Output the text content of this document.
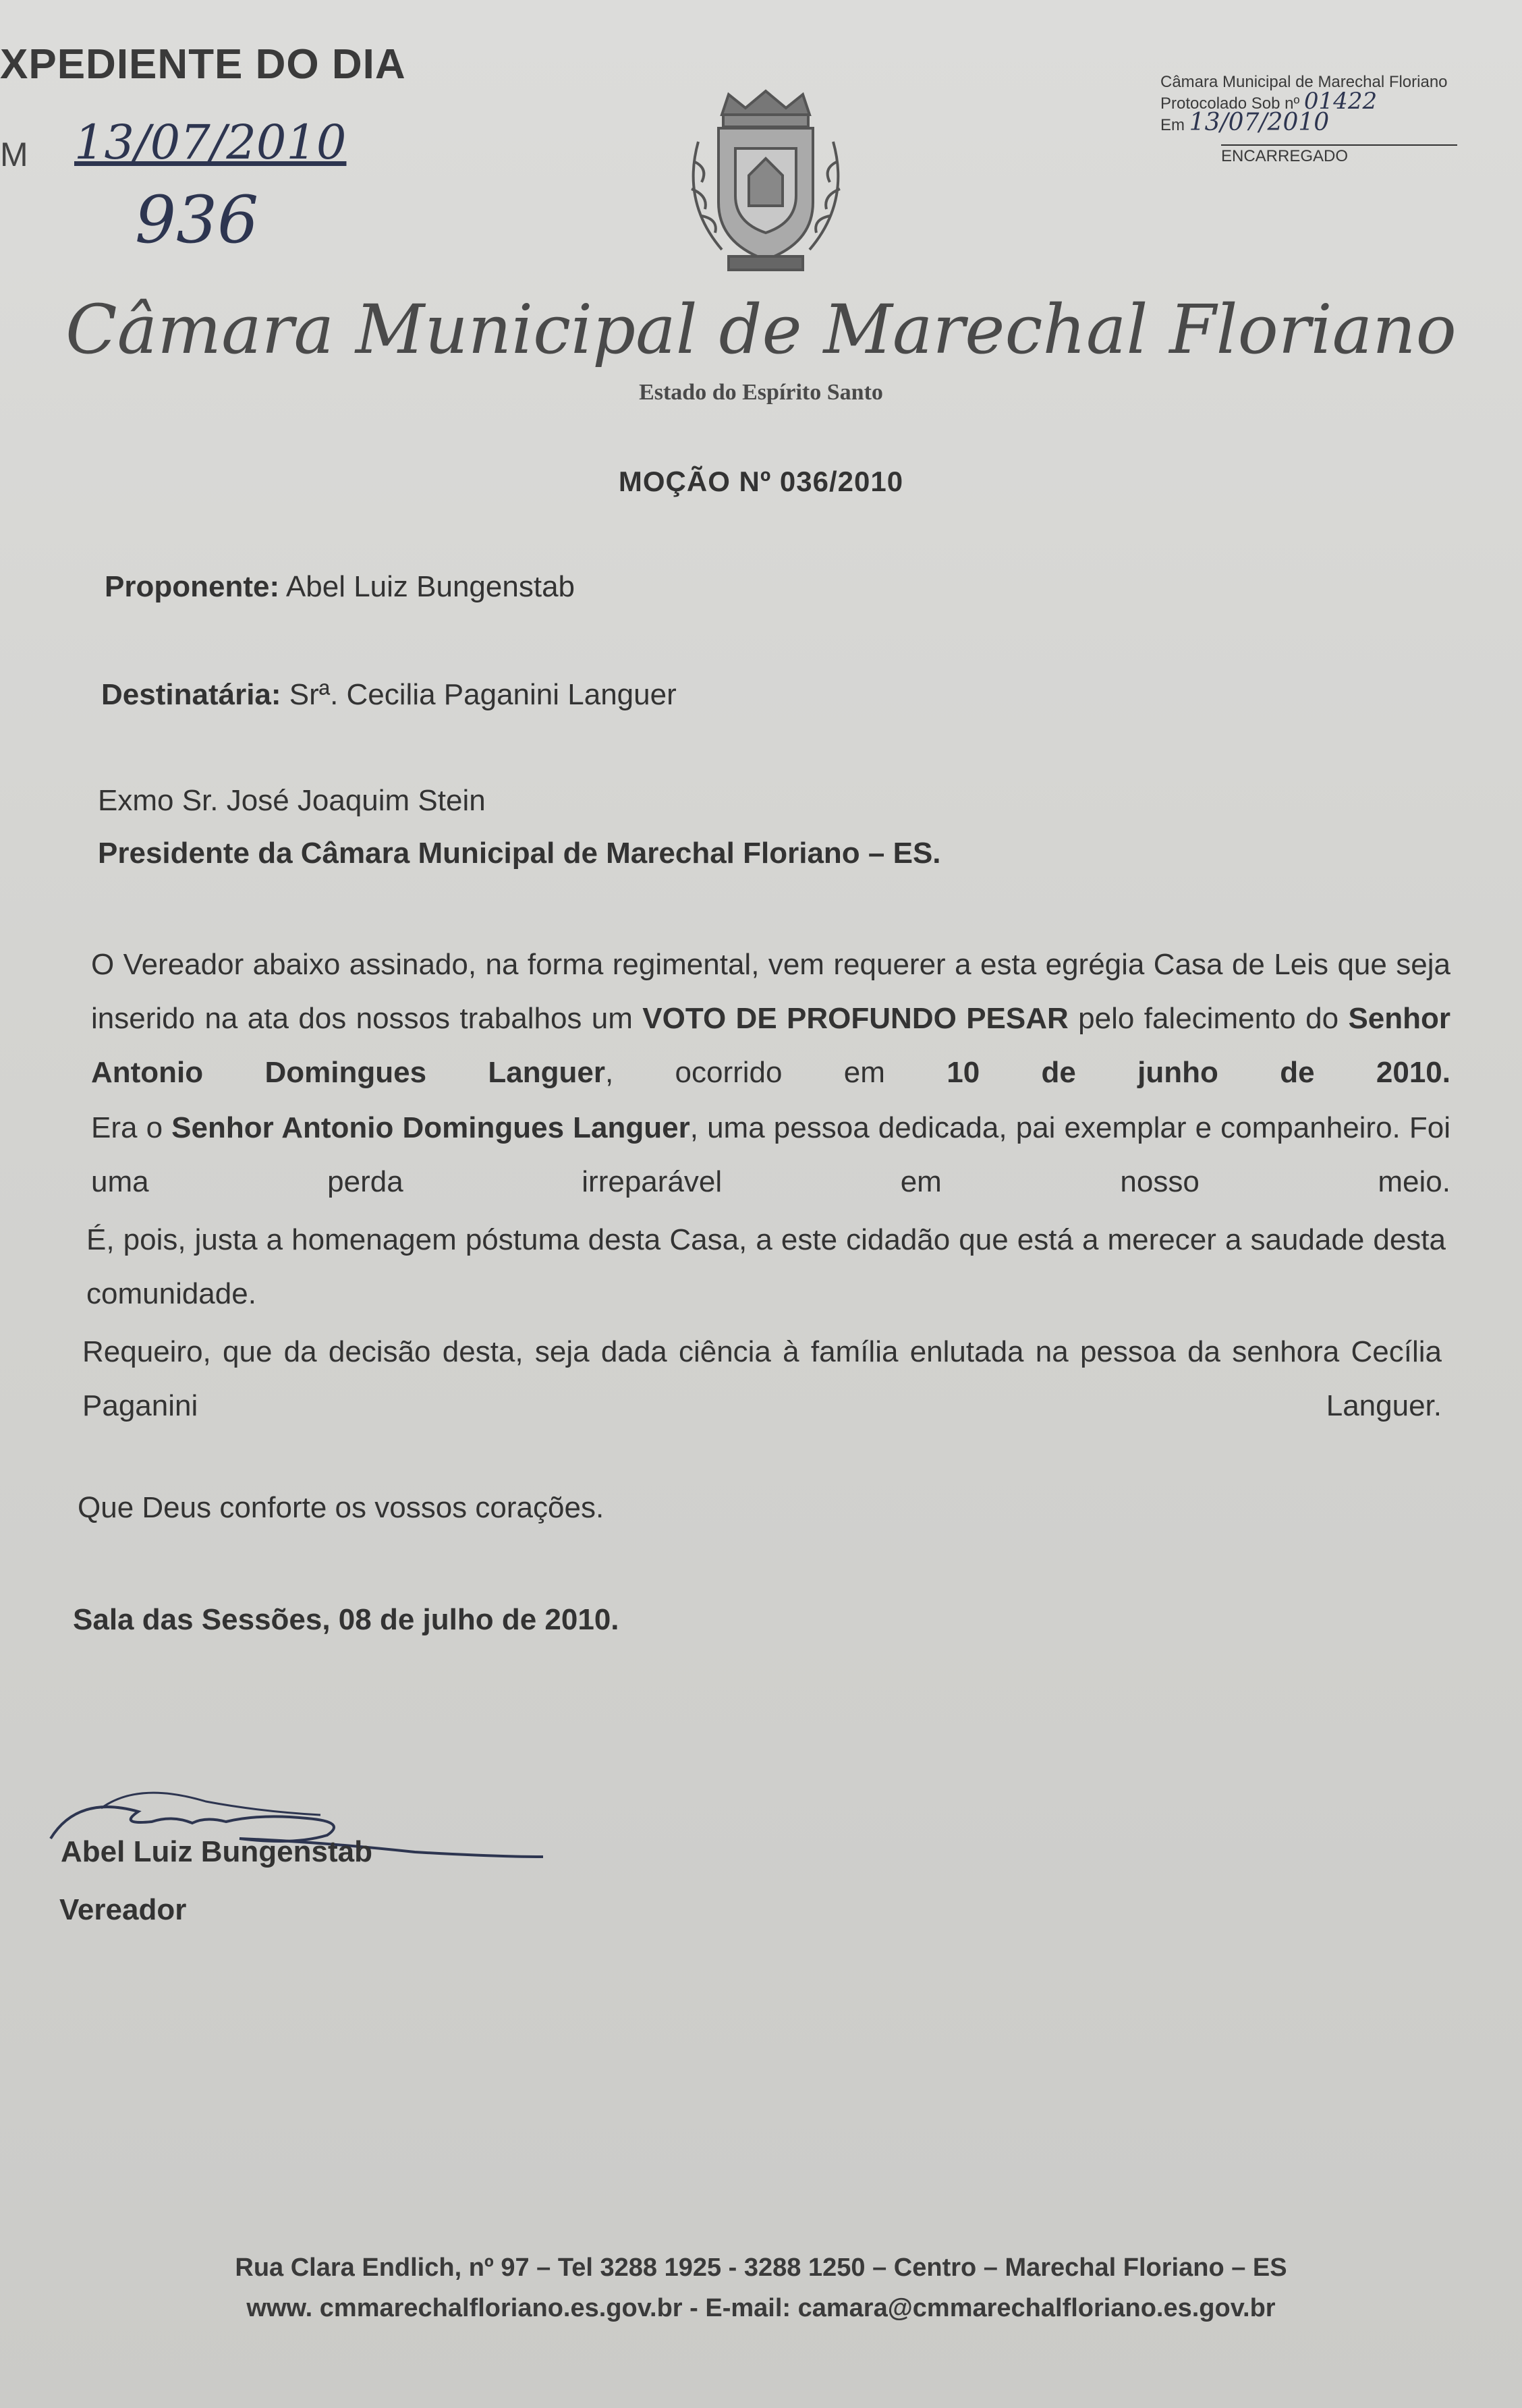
XPEDIENTE DO DIA
M 13/07/2010
936
Câmara Municipal de Marechal Floriano
Protocolado Sob nº 01422
Em 13/07/2010
ENCARREGADO
Câmara Municipal de Marechal Floriano
Estado do Espírito Santo
MOÇÃO Nº 036/2010
Proponente: Abel Luiz Bungenstab
Destinatária: Srª. Cecilia Paganini Languer
Exmo Sr. José Joaquim Stein
Presidente da Câmara Municipal de Marechal Floriano – ES.
O Vereador abaixo assinado, na forma regimental, vem requerer a esta egrégia Casa de Leis que seja inserido na ata dos nossos trabalhos um VOTO DE PROFUNDO PESAR pelo falecimento do Senhor Antonio Domingues Languer, ocorrido em 10 de junho de 2010.
Era o Senhor Antonio Domingues Languer, uma pessoa dedicada, pai exemplar e companheiro. Foi uma perda irreparável em nosso meio.
É, pois, justa a homenagem póstuma desta Casa, a este cidadão que está a merecer a saudade desta comunidade.
Requeiro, que da decisão desta, seja dada ciência à família enlutada na pessoa da senhora Cecília Paganini Languer.
Que Deus conforte os vossos corações.
Sala das Sessões, 08 de julho de 2010.
Abel Luiz Bungenstab
Vereador
Rua Clara Endlich, nº 97 – Tel 3288 1925 - 3288 1250 – Centro – Marechal Floriano – ES
www. cmmarechalfloriano.es.gov.br - E-mail: camara@cmmarechalfloriano.es.gov.br
